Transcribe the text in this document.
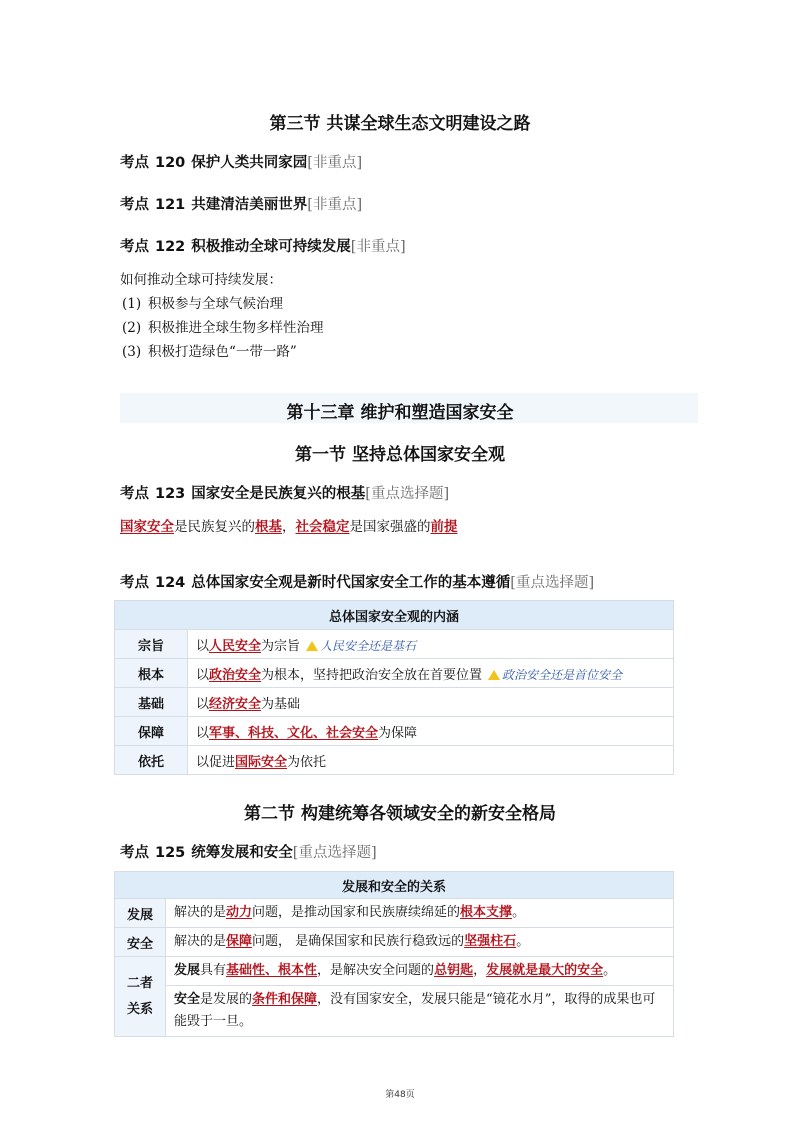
第三节 共谋全球生态文明建设之路
考点 120 保护人类共同家园[非重点]
考点 121 共建清洁美丽世界[非重点]
考点 122 积极推动全球可持续发展[非重点]
如何推动全球可持续发展：
(1) 积极参与全球气候治理
(2) 积极推进全球生物多样性治理
(3) 积极打造绿色“一带一路”
第十三章 维护和塑造国家安全
第一节 坚持总体国家安全观
考点 123 国家安全是民族复兴的根基[重点选择题]
国家安全是民族复兴的根基，社会稳定是国家强盛的前提
考点 124 总体国家安全观是新时代国家安全工作的基本遵循[重点选择题]
总体国家安全观的内涵	
宗旨	以人民安全为宗旨 人民安全还是基石
根本	以政治安全为根本，坚持把政治安全放在首要位置 政治安全还是首位安全
基础	以经济安全为基础
保障	以军事、科技、文化、社会安全为保障
依托	以促进国际安全为依托
第二节 构建统筹各领域安全的新安全格局
考点 125 统筹发展和安全[重点选择题]
发展和安全的关系	
发展	解决的是动力问题，是推动国家和民族赓续绵延的根本支撑。
安全	解决的是保障问题， 是确保国家和民族行稳致远的坚强柱石。
二者
关系	发展具有基础性、根本性，是解决安全问题的总钥匙，发展就是最大的安全。
	安全是发展的条件和保障，没有国家安全，发展只能是“镜花水月”，取得的成果也可能毁于一旦。
第48页
